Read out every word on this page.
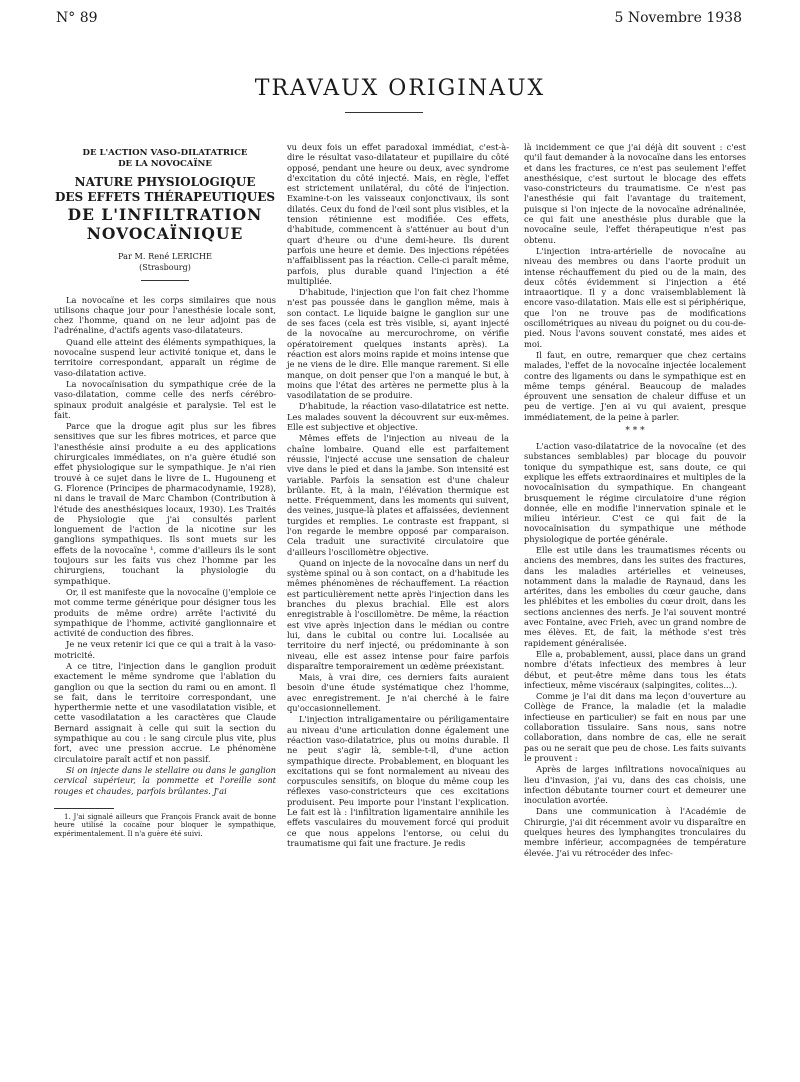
N° 89	5 Novembre 1938
TRAVAUX ORIGINAUX
DE L'ACTION VASO-DILATATRICE
DE LA NOVOCAÏNE
NATURE PHYSIOLOGIQUE
DES EFFETS THÉRAPEUTIQUES
DE L'INFILTRATION
NOVOCAÏNIQUE
Par M. René LERICHE
(Strasbourg)

La novocaïne et les corps similaires que nous utilisons chaque jour pour l'anesthésie locale sont, chez l'homme, quand on ne leur adjoint pas de l'adrénaline, d'actifs agents vaso-dilatateurs.

Quand elle atteint des éléments sympathiques, la novocaïne suspend leur activité tonique et, dans le territoire correspondant, apparaît un régime de vaso-dilatation active.

La novocaïnisation du sympathique crée de la vaso-dilatation, comme celle des nerfs cérébro-spinaux produit analgésie et paralysie. Tel est le fait.

Parce que la drogue agit plus sur les fibres sensitives que sur les fibres motrices, et parce que l'anesthésie ainsi produite a eu des applications chirurgicales immédiates, on n'a guère étudié son effet physiologique sur le sympathique. Je n'ai rien trouvé à ce sujet dans le livre de L. Hugouneng et G. Florence (Principes de pharmacodynamie, 1928), ni dans le travail de Marc Chambon (Contribution à l'étude des anesthésiques locaux, 1930). Les Traités de Physiologie que j'ai consultés parlent longuement de l'action de la nicotine sur les ganglions sympathiques. Ils sont muets sur les effets de la novocaïne ¹, comme d'ailleurs ils le sont toujours sur les faits vus chez l'homme par les chirurgiens, touchant la physiologie du sympathique.

Or, il est manifeste que la novocaïne (j'emploie ce mot comme terme générique pour désigner tous les produits de même ordre) arrête l'activité du sympathique de l'homme, activité ganglionnaire et activité de conduction des fibres.

Je ne veux retenir ici que ce qui a trait à la vaso-motricité.

A ce titre, l'injection dans le ganglion produit exactement le même syndrome que l'ablation du ganglion ou que la section du rami ou en amont. Il se fait, dans le territoire correspondant, une hyperthermie nette et une vasodilatation visible, et cette vasodilatation a les caractères que Claude Bernard assignait à celle qui suit la section du sympathique au cou : le sang circule plus vite, plus fort, avec une pression accrue. Le phénomène circulatoire paraît actif et non passif.

Si on injecte dans le stellaire ou dans le ganglion cervical supérieur, la pommette et l'oreille sont rouges et chaudes, parfois brûlantes. J'ai

1. J'ai signalé ailleurs que François Franck avait de bonne heure utilisé la cocaïne pour bloquer le sympathique, expérimentalement. Il n'a guère été suivi.

vu deux fois un effet paradoxal immédiat, c'est-à-dire le résultat vaso-dilatateur et pupillaire du côté opposé, pendant une heure ou deux, avec syndrome d'excitation du côté injecté. Mais, en règle, l'effet est strictement unilatéral, du côté de l'injection. Examine-t-on les vaisseaux conjonctivaux, ils sont dilatés. Ceux du fond de l'œil sont plus visibles, et la tension rétinienne est modifiée. Ces effets, d'habitude, commencent à s'atténuer au bout d'un quart d'heure ou d'une demi-heure. Ils durent parfois une heure et demie. Des injections répétées n'affaiblissent pas la réaction. Celle-ci paraît même, parfois, plus durable quand l'injection a été multipliée.

D'habitude, l'injection que l'on fait chez l'homme n'est pas poussée dans le ganglion même, mais à son contact. Le liquide baigne le ganglion sur une de ses faces (cela est très visible, si, ayant injecté de la novocaïne au mercurochrome, on vérifie opératoirement quelques instants après). La réaction est alors moins rapide et moins intense que je ne viens de le dire. Elle manque rarement. Si elle manque, on doit penser que l'on a manqué le but, à moins que l'état des artères ne permette plus à la vasodilatation de se produire.

D'habitude, la réaction vaso-dilatatrice est nette. Les malades souvent la découvrent sur eux-mêmes. Elle est subjective et objective.

Mêmes effets de l'injection au niveau de la chaîne lombaire. Quand elle est parfaitement réussie, l'injecté accuse une sensation de chaleur vive dans le pied et dans la jambe. Son intensité est variable. Parfois la sensation est d'une chaleur brûlante. Et, à la main, l'élévation thermique est nette. Fréquemment, dans les moments qui suivent, des veines, jusque-là plates et affaissées, deviennent turgides et remplies. Le contraste est frappant, si l'on regarde le membre opposé par comparaison. Cela traduit une suractivité circulatoire que d'ailleurs l'oscillomètre objective.

Quand on injecte de la novocaïne dans un nerf du système spinal ou à son contact, on a d'habitude les mêmes phénomènes de réchauffement. La réaction est particulièrement nette après l'injection dans les branches du plexus brachial. Elle est alors enregistrable à l'oscillomètre. De même, la réaction est vive après injection dans le médian ou contre lui, dans le cubital ou contre lui. Localisée au territoire du nerf injecté, ou prédominante à son niveau, elle est assez intense pour faire parfois disparaître temporairement un œdème préexistant.

Mais, à vrai dire, ces derniers faits auraient besoin d'une étude systématique chez l'homme, avec enregistrement. Je n'ai cherché à le faire qu'occasionnellement.

L'injection intraligamentaire ou périligamentaire au niveau d'une articulation donne également une réaction vaso-dilatatrice, plus ou moins durable. Il ne peut s'agir là, semble-t-il, d'une action sympathique directe. Probablement, en bloquant les excitations qui se font normalement au niveau des corpuscules sensitifs, on bloque du même coup les réflexes vaso-constricteurs que ces excitations produisent. Peu importe pour l'instant l'explication. Le fait est là : l'infiltration ligamentaire annihile les effets vasculaires du mouvement forcé qui produit ce que nous appelons l'entorse, ou celui du traumatisme qui fait une fracture. Je redis

là incidemment ce que j'ai déjà dit souvent : c'est qu'il faut demander à la novocaïne dans les entorses et dans les fractures, ce n'est pas seulement l'effet anesthésique, c'est surtout le blocage des effets vaso-constricteurs du traumatisme. Ce n'est pas l'anesthésie qui fait l'avantage du traitement, puisque si l'on injecte de la novocaïne adrénalinée, ce qui fait une anesthésie plus durable que la novocaïne seule, l'effet thérapeutique n'est pas obtenu.

L'injection intra-artérielle de novocaïne au niveau des membres ou dans l'aorte produit un intense réchauffement du pied ou de la main, des deux côtés évidemment si l'injection a été intraaortique. Il y a donc vraisemblablement là encore vaso-dilatation. Mais elle est si périphérique, que l'on ne trouve pas de modifications oscillométriques au niveau du poignet ou du cou-de-pied. Nous l'avons souvent constaté, mes aides et moi.

Il faut, en outre, remarquer que chez certains malades, l'effet de la novocaïne injectée localement contre des ligaments ou dans le sympathique est en même temps général. Beaucoup de malades éprouvent une sensation de chaleur diffuse et un peu de vertige. J'en ai vu qui avaient, presque immédiatement, de la peine à parler.

* * *

L'action vaso-dilatatrice de la novocaïne (et des substances semblables) par blocage du pouvoir tonique du sympathique est, sans doute, ce qui explique les effets extraordinaires et multiples de la novocaïnisation du sympathique. En changeant brusquement le régime circulatoire d'une région donnée, elle en modifie l'innervation spinale et le milieu intérieur. C'est ce qui fait de la novocaïnisation du sympathique une méthode physiologique de portée générale.

Elle est utile dans les traumatismes récents ou anciens des membres, dans les suites des fractures, dans les maladies artérielles et veineuses, notamment dans la maladie de Raynaud, dans les artérites, dans les embolies du cœur gauche, dans les phlébites et les embolies du cœur droit, dans les sections anciennes des nerfs. Je l'ai souvent montré avec Fontaine, avec Frieh, avec un grand nombre de mes élèves. Et, de fait, la méthode s'est très rapidement généralisée.

Elle a, probablement, aussi, place dans un grand nombre d'états infectieux des membres à leur début, et peut-être même dans tous les états infectieux, même viscéraux (salpingites, colites...).

Comme je l'ai dit dans ma leçon d'ouverture au Collège de France, la maladie (et la maladie infectieuse en particulier) se fait en nous par une collaboration tissulaire. Sans nous, sans notre collaboration, dans nombre de cas, elle ne serait pas ou ne serait que peu de chose. Les faits suivants le prouvent :

Après de larges infiltrations novocaïniques au lieu d'invasion, j'ai vu, dans des cas choisis, une infection débutante tourner court et demeurer une inoculation avortée.

Dans une communication à l'Académie de Chirurgie, j'ai dit récemment avoir vu disparaître en quelques heures des lymphangites tronculaires du membre inférieur, accompagnées de température élevée. J'ai vu rétrocéder des infec-
